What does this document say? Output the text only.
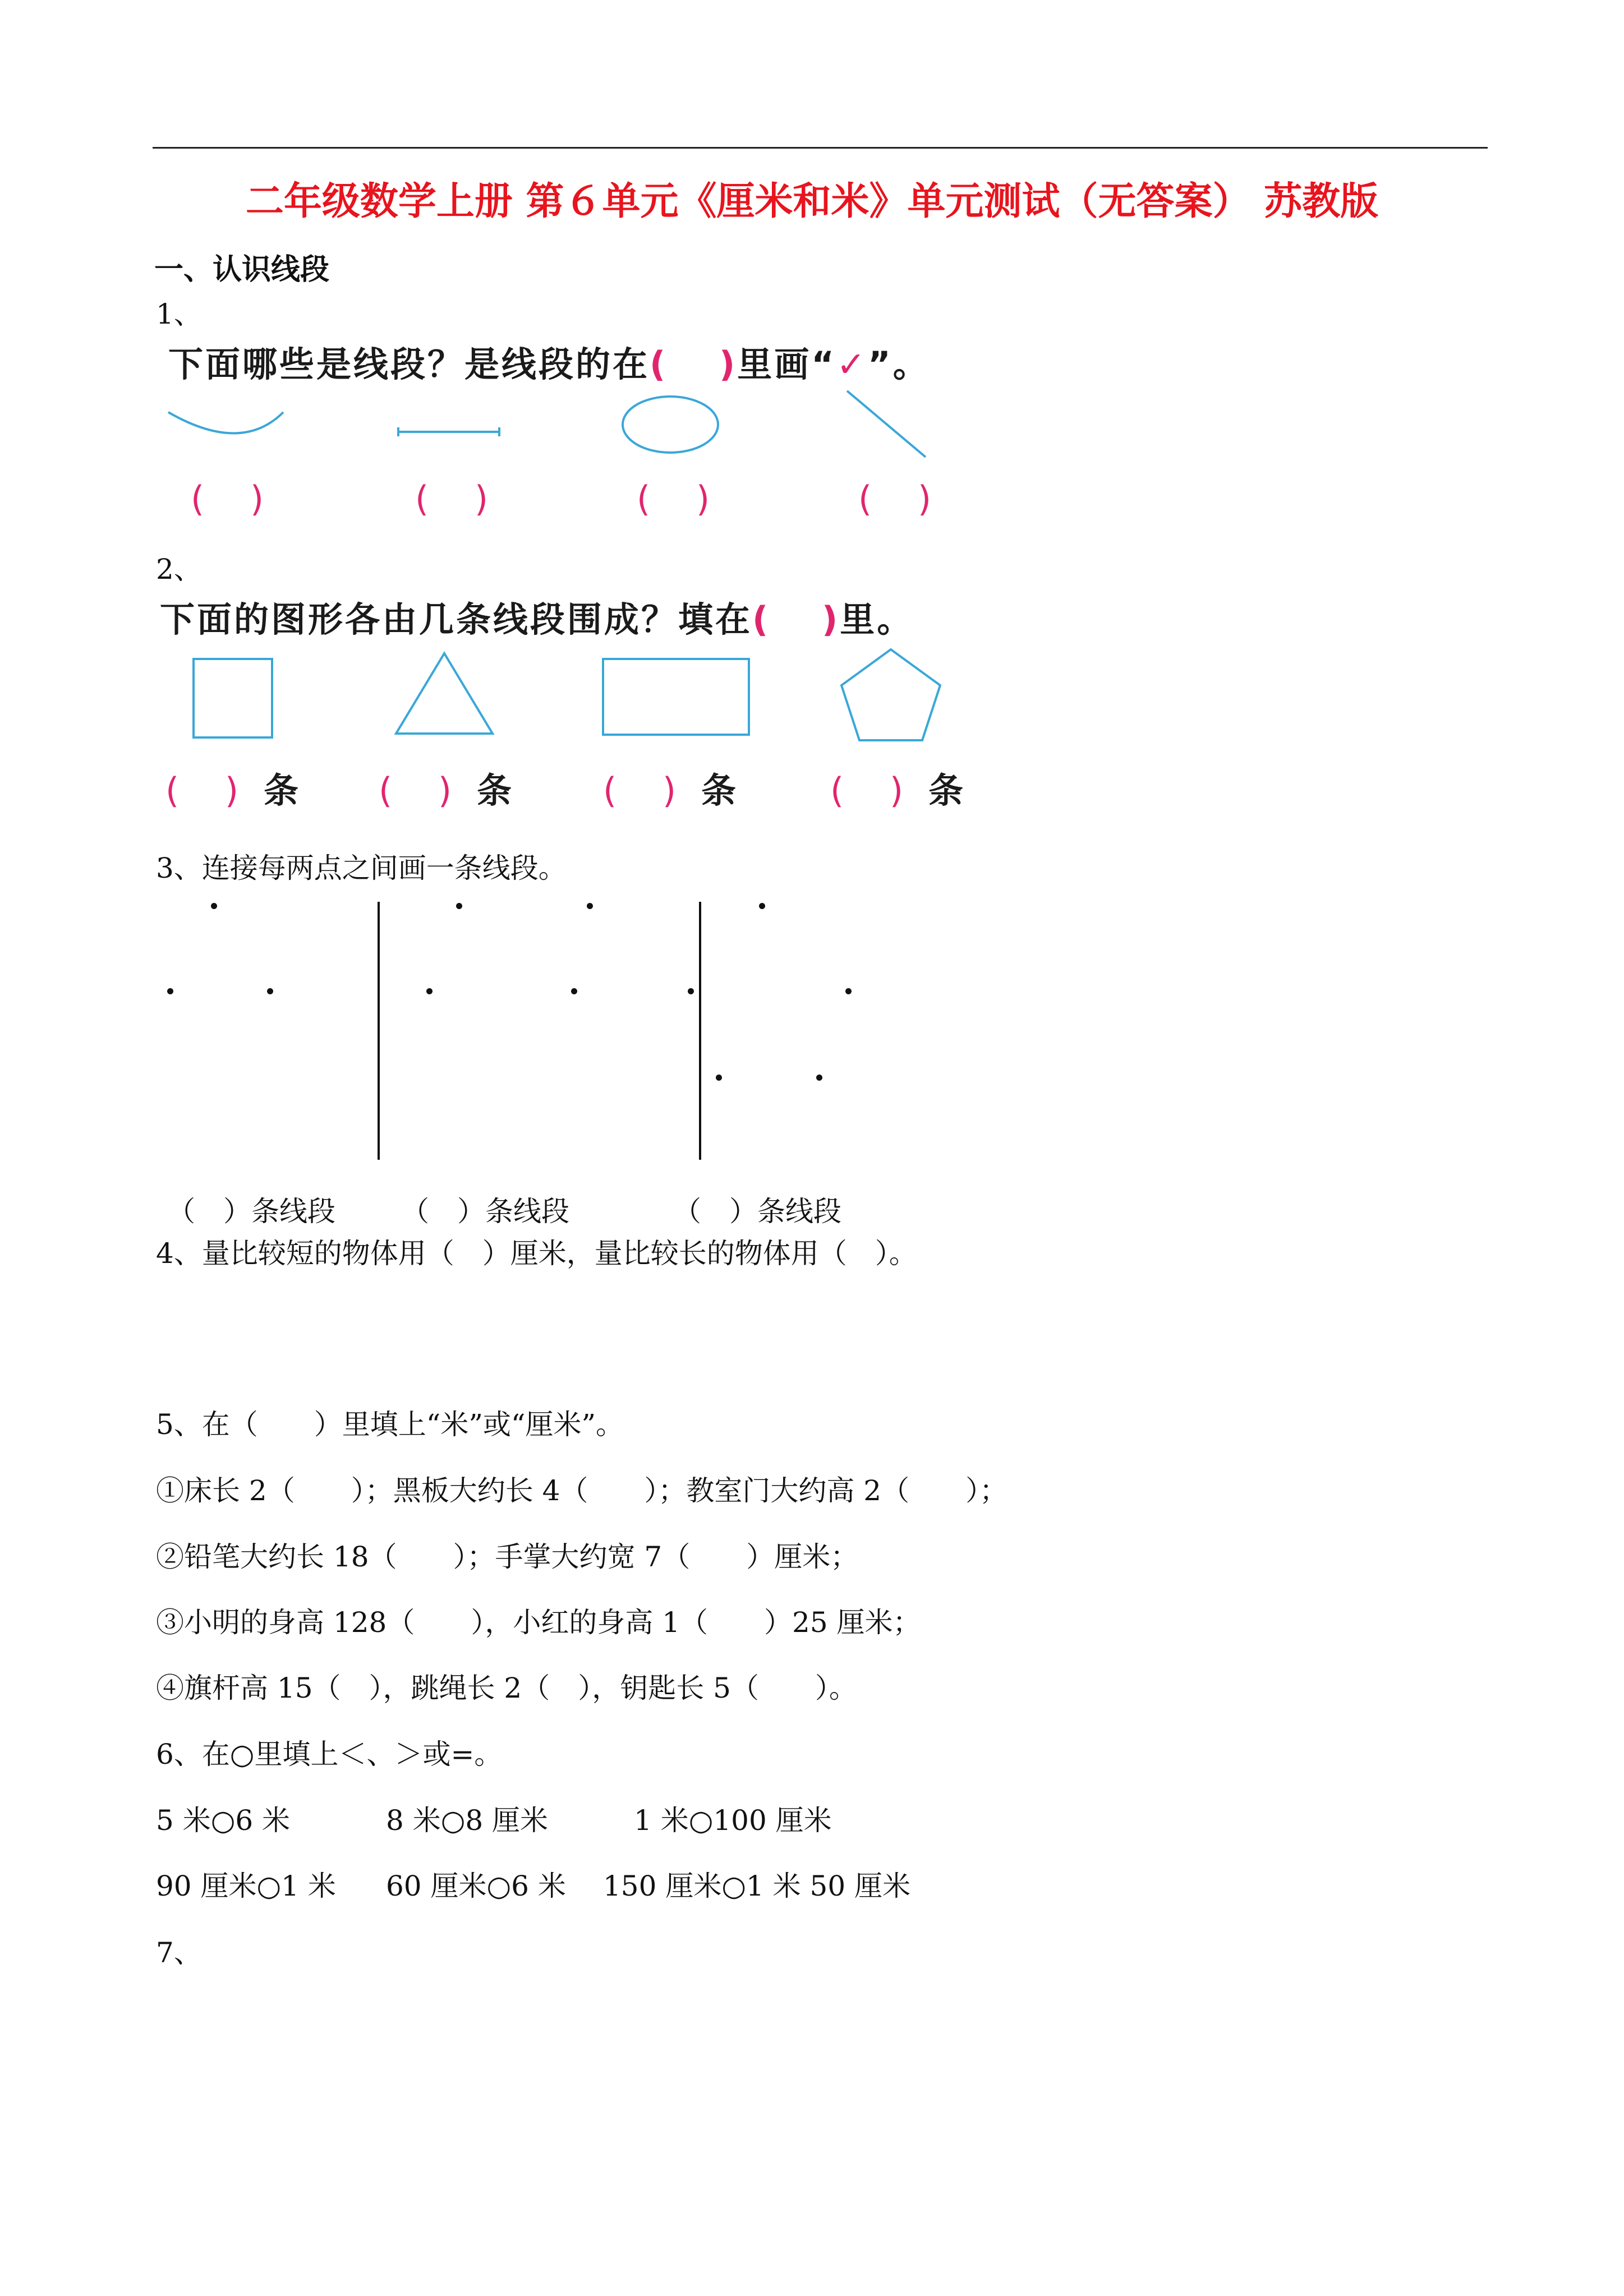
二年级数学上册 第６单元《厘米和米》单元测试（无答案） 苏教版
一、认识线段
1、
下面哪些是线段？是线段的在(　 )里画“✓”。
(　 )	(　 )	(　 )	(　 )
2、
下面的图形各由几条线段围成？填在(　 )里。
(　 ) 条 (　 ) 条	(　 ) 条	(　 ) 条
3、连接每两点之间画一条线段。
（　）条线段 （　）条线段	（　）条线段
4、量比较短的物体用（　）厘米，量比较长的物体用（　）。
5、在（　　）里填上“米”或“厘米”。
①床长 2（　　）；黑板大约长 4（　　）；教室门大约高 2（　　）；
②铅笔大约长 18（　　）；手掌大约宽 7（　　）厘米；
③小明的身高 128（　　），小红的身高 1（　　）25 厘米；
④旗杆高 15（　），跳绳长 2（　），钥匙长 5（　　）。
6、在○里填上＜、＞或=。
5 米○6 米	8 米○8 厘米	1 米○100 厘米
90 厘米○1 米 60 厘米○6 米 150 厘米○1 米 50 厘米
7、
